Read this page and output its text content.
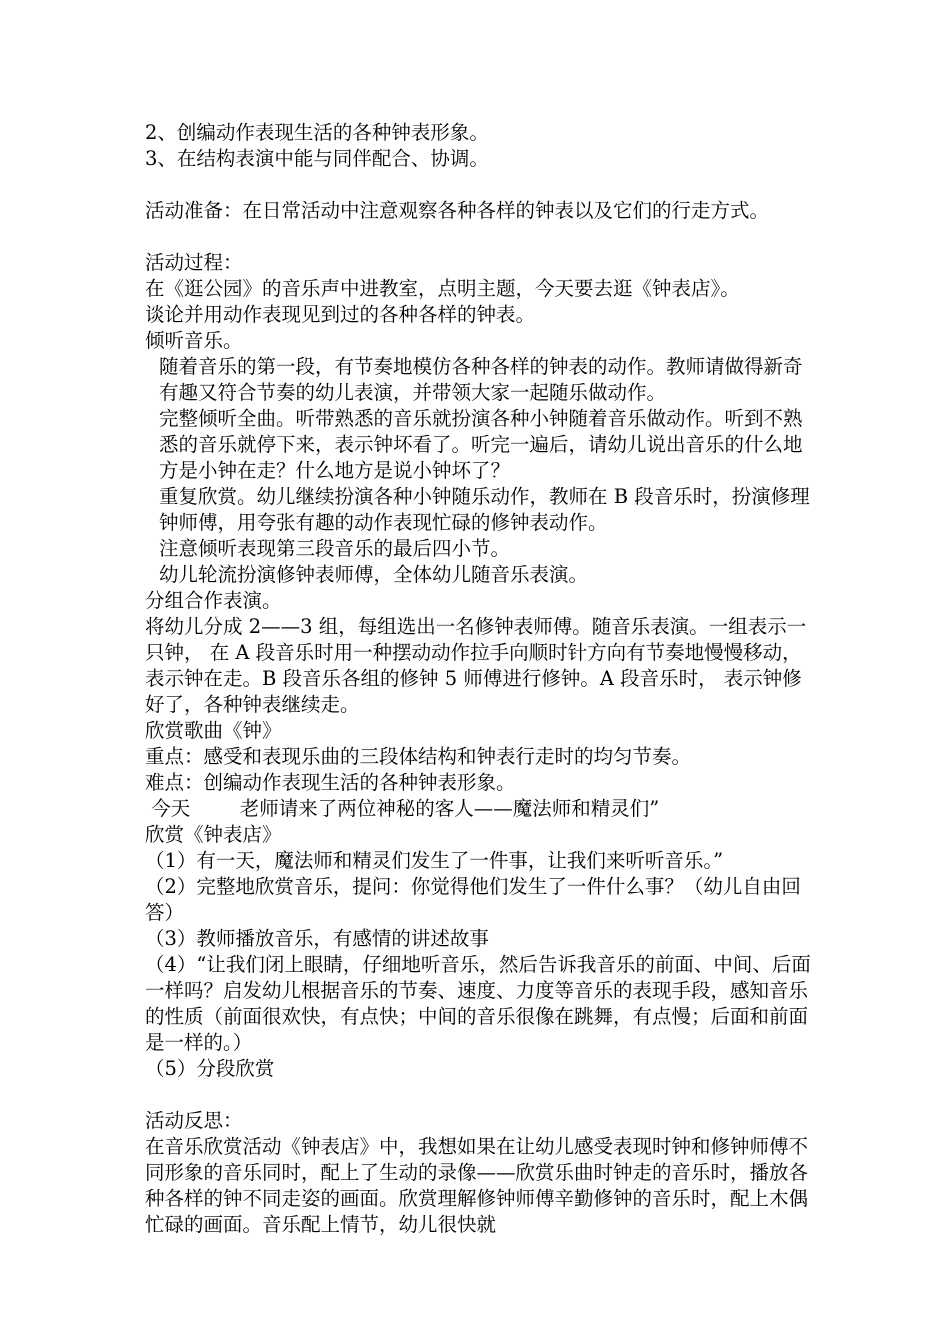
2、创编动作表现生活的各种钟表形象。

3、在结构表演中能与同伴配合、协调。

活动准备：在日常活动中注意观察各种各样的钟表以及它们的行走方式。

活动过程：

在《逛公园》的音乐声中进教室，点明主题，今天要去逛《钟表店》。

谈论并用动作表现见到过的各种各样的钟表。

倾听音乐。

随着音乐的第一段，有节奏地模仿各种各样的钟表的动作。教师请做得新奇有趣又符合节奏的幼儿表演，并带领大家一起随乐做动作。

完整倾听全曲。听带熟悉的音乐就扮演各种小钟随着音乐做动作。听到不熟悉的音乐就停下来，表示钟坏看了。听完一遍后，请幼儿说出音乐的什么地方是小钟在走？什么地方是说小钟坏了？

重复欣赏。幼儿继续扮演各种小钟随乐动作，教师在 B 段音乐时，扮演修理钟师傅，用夸张有趣的动作表现忙碌的修钟表动作。

注意倾听表现第三段音乐的最后四小节。

幼儿轮流扮演修钟表师傅，全体幼儿随音乐表演。

分组合作表演。

将幼儿分成 2——3 组，每组选出一名修钟表师傅。随音乐表演。一组表示一只钟， 在 A 段音乐时用一种摆动动作拉手向顺时针方向有节奏地慢慢移动，表示钟在走。B 段音乐各组的修钟 5 师傅进行修钟。A 段音乐时， 表示钟修好了，各种钟表继续走。

欣赏歌曲《钟》

重点：感受和表现乐曲的三段体结构和钟表行走时的均匀节奏。

难点：创编动作表现生活的各种钟表形象。

今天        老师请来了两位神秘的客人——魔法师和精灵们”

欣赏《钟表店》

（1）有一天，魔法师和精灵们发生了一件事，让我们来听听音乐。”

（2）完整地欣赏音乐，提问：你觉得他们发生了一件什么事？（幼儿自由回答）

（3）教师播放音乐，有感情的讲述故事

（4）“让我们闭上眼睛，仔细地听音乐，然后告诉我音乐的前面、中间、后面一样吗？启发幼儿根据音乐的节奏、速度、力度等音乐的表现手段，感知音乐的性质（前面很欢快，有点快；中间的音乐很像在跳舞，有点慢；后面和前面是一样的。）

（5）分段欣赏

活动反思：

在音乐欣赏活动《钟表店》中，我想如果在让幼儿感受表现时钟和修钟师傅不同形象的音乐同时，配上了生动的录像——欣赏乐曲时钟走的音乐时，播放各种各样的钟不同走姿的画面。欣赏理解修钟师傅辛勤修钟的音乐时，配上木偶忙碌的画面。音乐配上情节，幼儿很快就
